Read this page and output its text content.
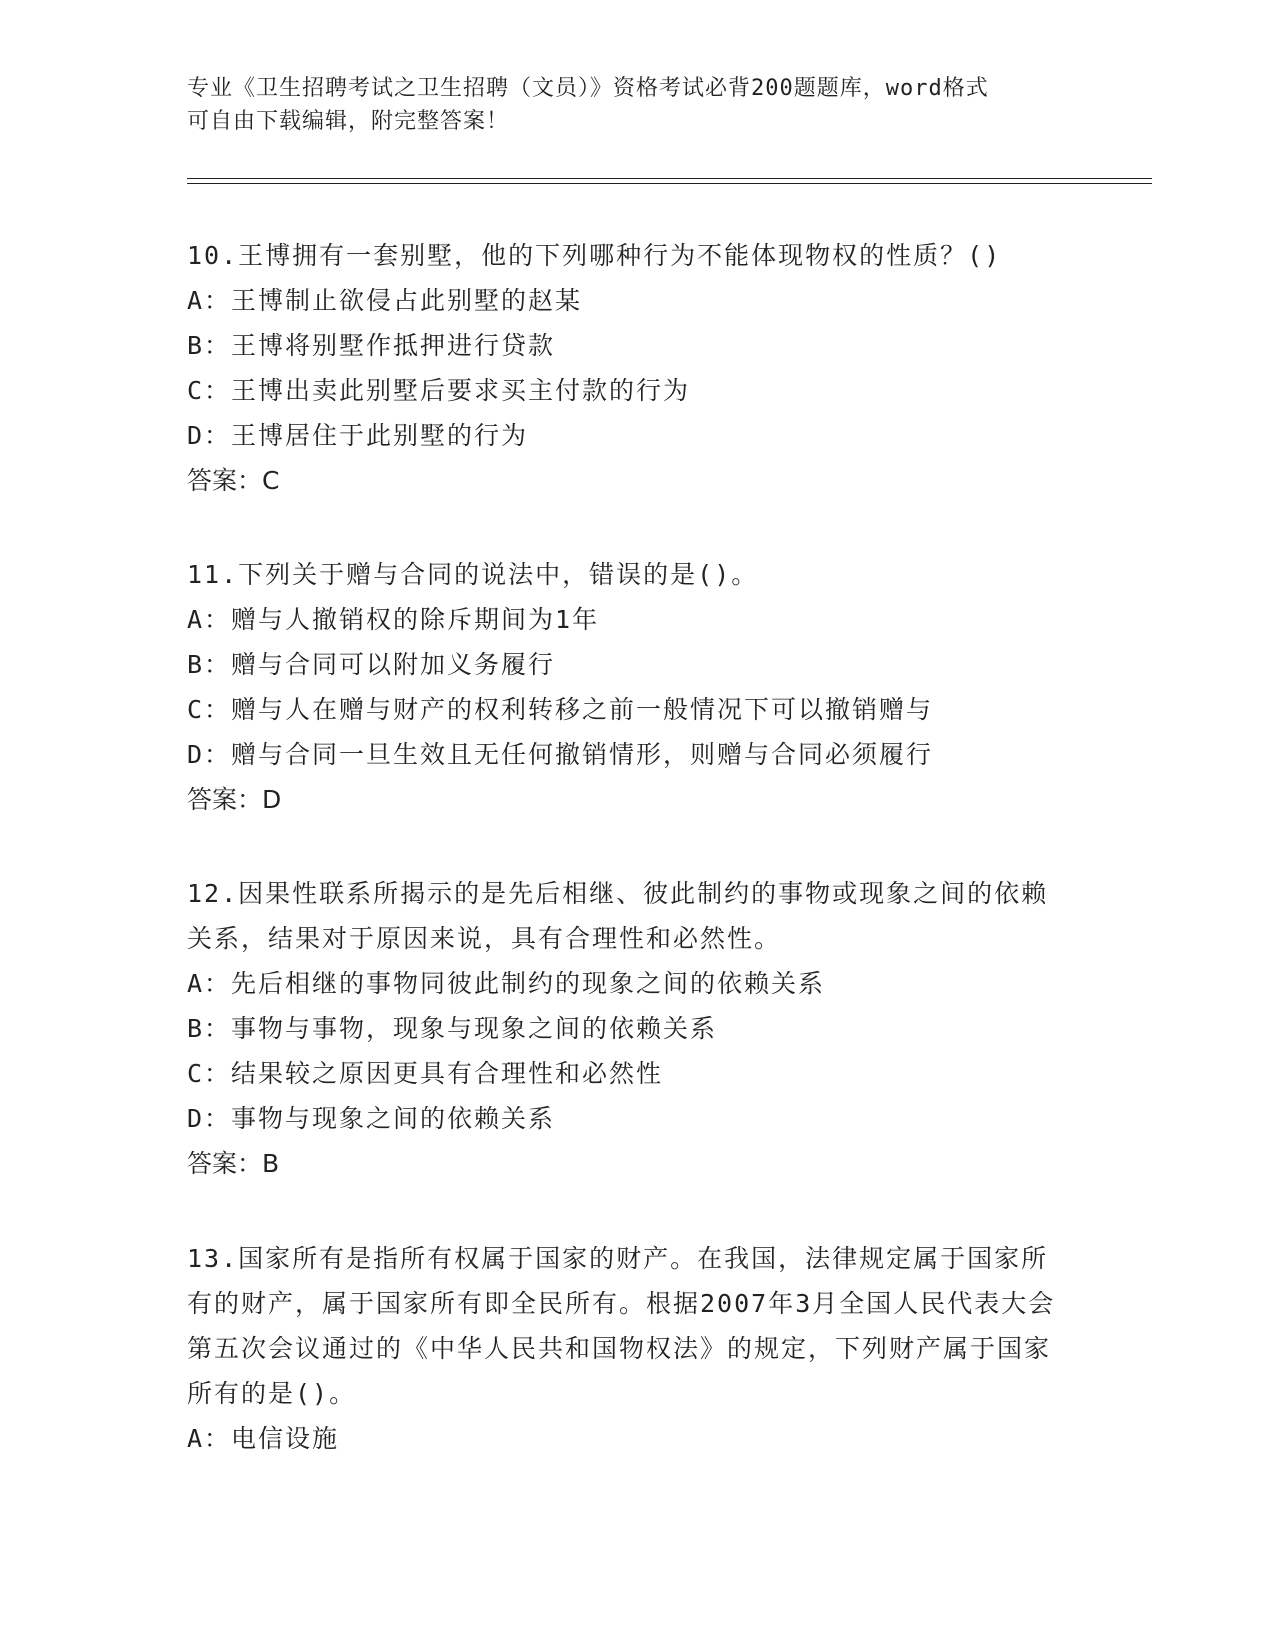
专业《卫生招聘考试之卫生招聘（文员）》资格考试必背200题题库，word格式
可自由下载编辑，附完整答案！

10.王博拥有一套别墅，他的下列哪种行为不能体现物权的性质？()

A：王博制止欲侵占此别墅的赵某

B：王博将别墅作抵押进行贷款

C：王博出卖此别墅后要求买主付款的行为

D：王博居住于此别墅的行为

答案：C

11.下列关于赠与合同的说法中，错误的是()。

A：赠与人撤销权的除斥期间为1年

B：赠与合同可以附加义务履行

C：赠与人在赠与财产的权利转移之前一般情况下可以撤销赠与

D：赠与合同一旦生效且无任何撤销情形，则赠与合同必须履行

答案：D

12.因果性联系所揭示的是先后相继、彼此制约的事物或现象之间的依赖关系，结果对于原因来说，具有合理性和必然性。

A：先后相继的事物同彼此制约的现象之间的依赖关系

B：事物与事物，现象与现象之间的依赖关系

C：结果较之原因更具有合理性和必然性

D：事物与现象之间的依赖关系

答案：B

13.国家所有是指所有权属于国家的财产。在我国，法律规定属于国家所有的财产，属于国家所有即全民所有。根据2007年3月全国人民代表大会第五次会议通过的《中华人民共和国物权法》的规定，下列财产属于国家所有的是()。

A：电信设施
